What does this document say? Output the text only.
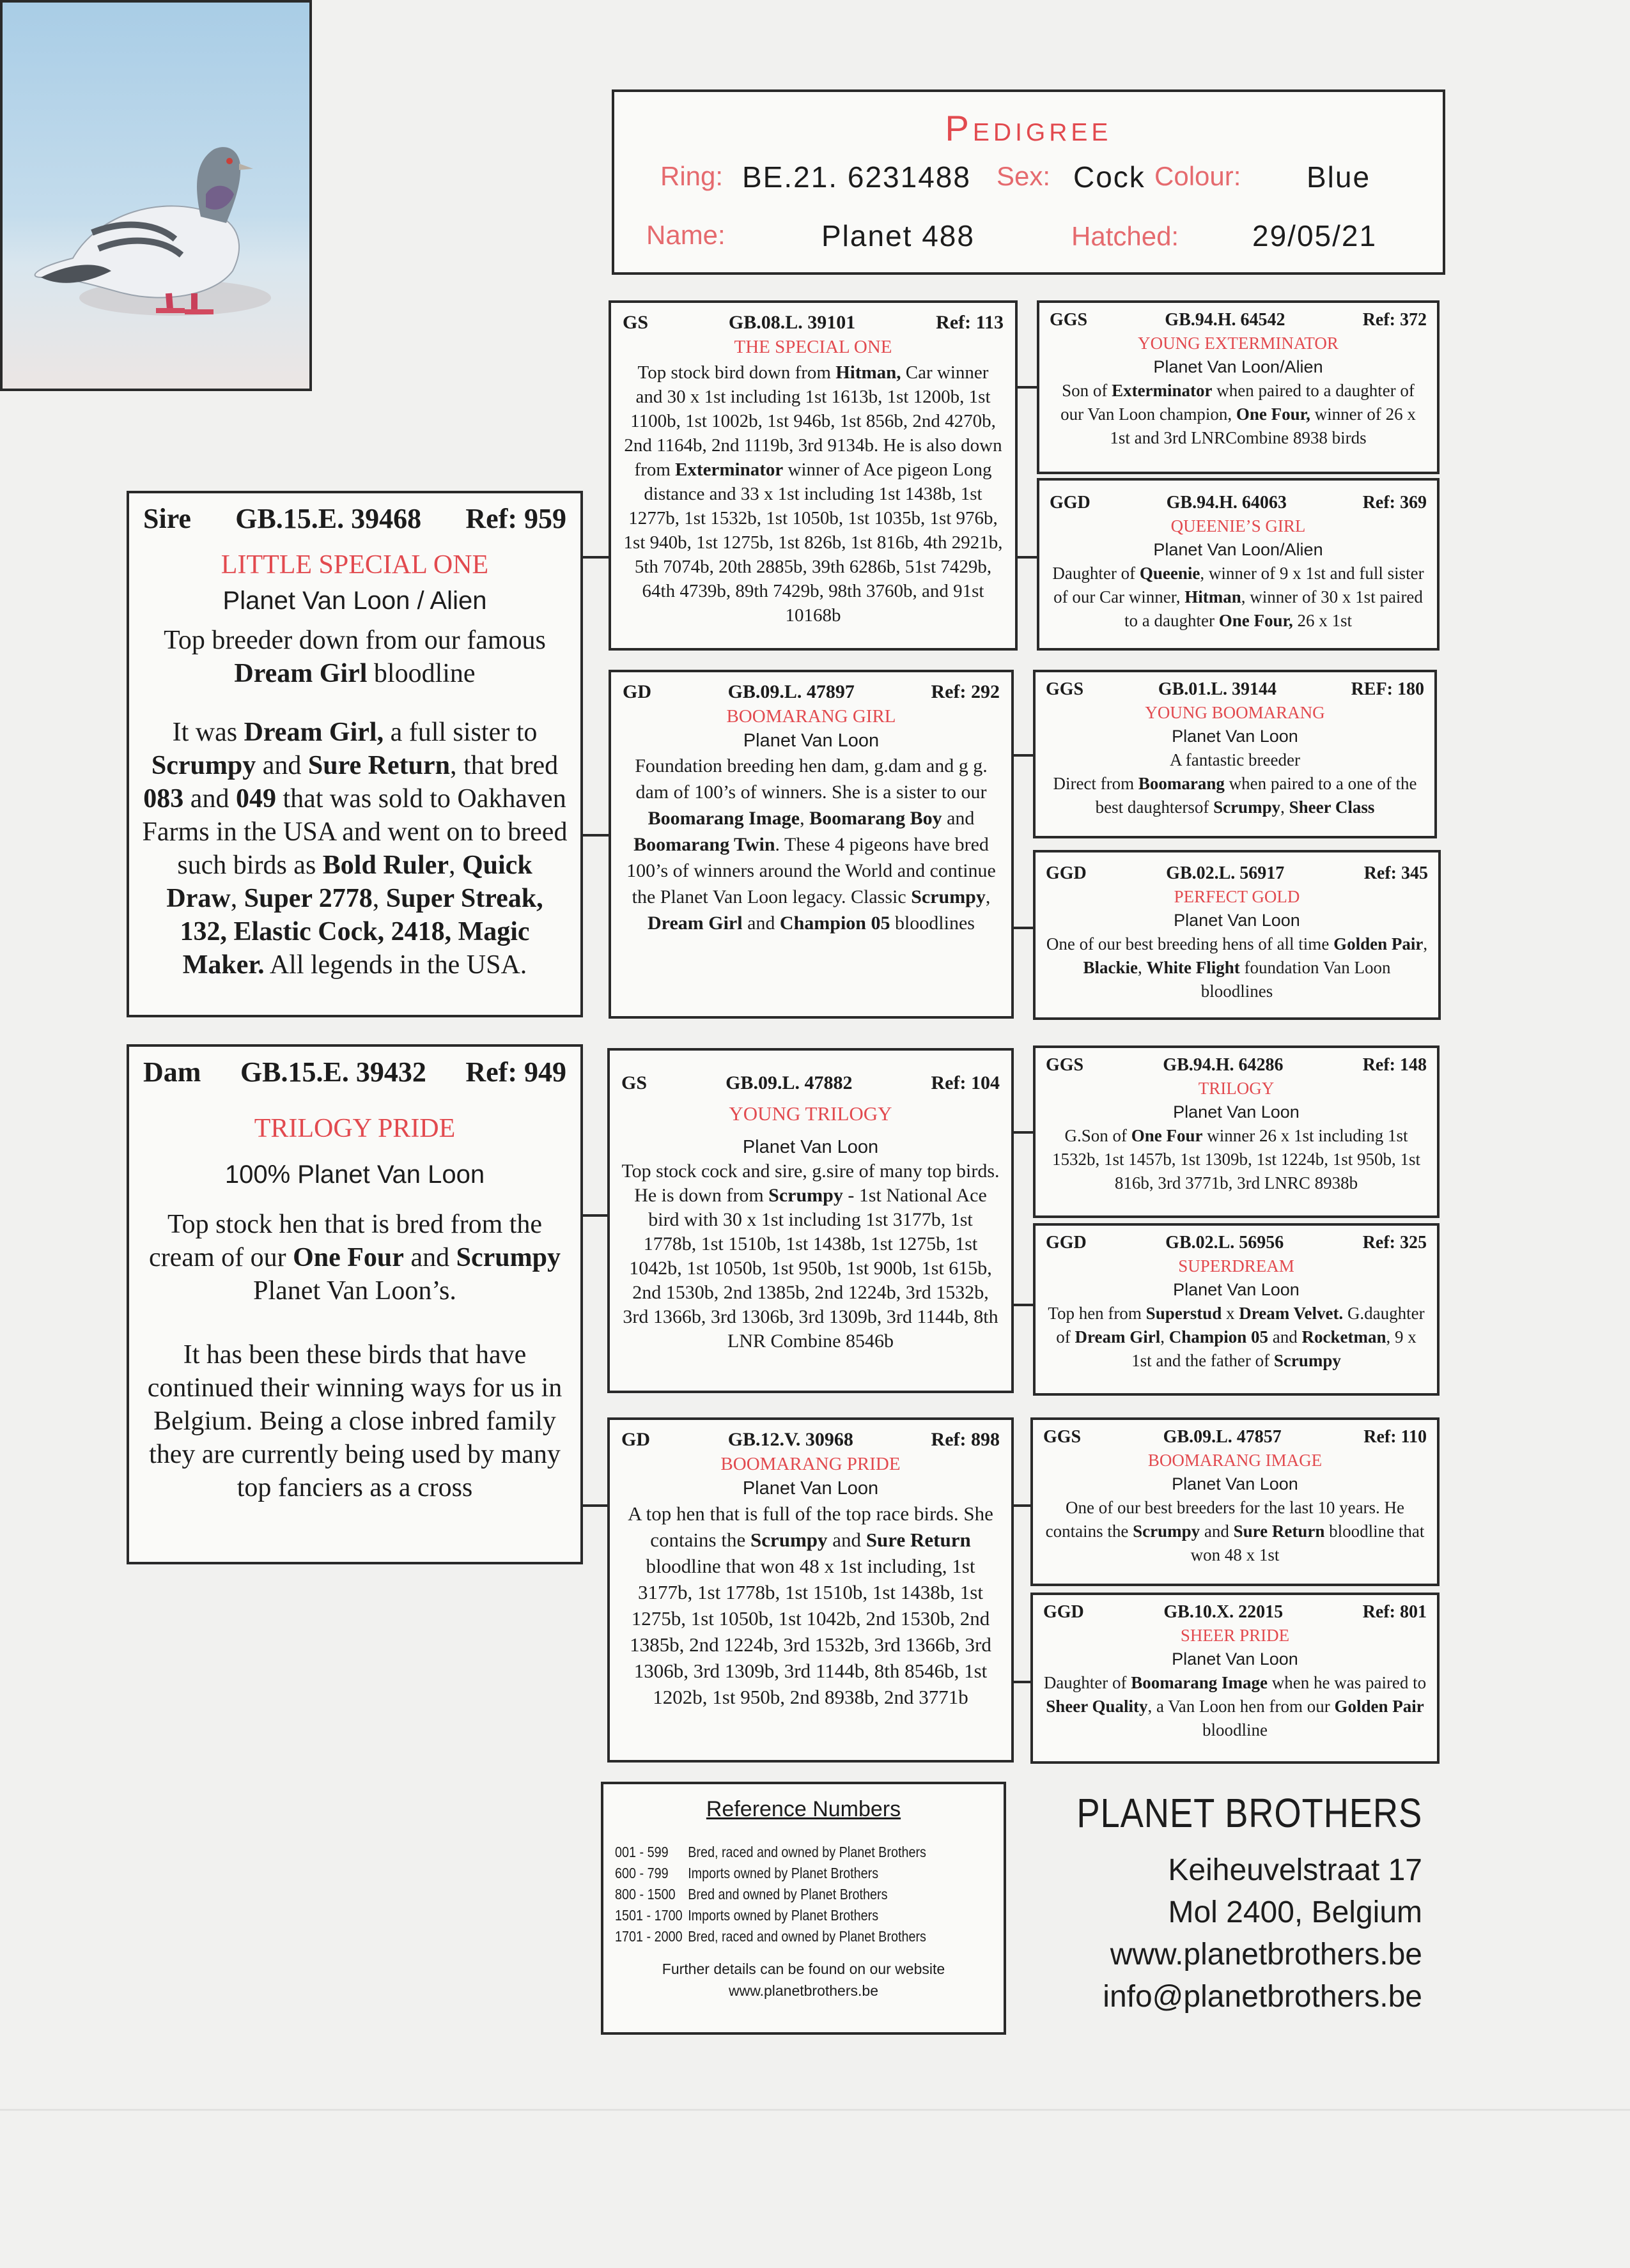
Pedigree
Ring: BE.21. 6231488 Sex: Cock Colour: Blue
Name:	Planet 488	Hatched: 29/05/21
Sire GB.15.E. 39468 Ref: 959

LITTLE SPECIAL ONE

Planet Van Loon / Alien

Top breeder down from our famous Dream Girl bloodline

It was Dream Girl, a full sister to Scrumpy and Sure Return, that bred 083 and 049 that was sold to Oakhaven Farms in the USA and went on to breed such birds as Bold Ruler, Quick Draw, Super 2778, Super Streak, 132, Elastic Cock, 2418, Magic Maker. All legends in the USA.

Dam GB.15.E. 39432 Ref: 949

TRILOGY PRIDE

100% Planet Van Loon

Top stock hen that is bred from the cream of our One Four and Scrumpy Planet Van Loon’s.

It has been these birds that have continued their winning ways for us in Belgium. Being a close inbred family they are currently being used by many top fanciers as a cross

GS	GB.08.L. 39101	Ref: 113

THE SPECIAL ONE

Top stock bird down from Hitman, Car winner and 30 x 1st including 1st 1613b, 1st 1200b, 1st 1100b, 1st 1002b, 1st 946b, 1st 856b, 2nd 4270b, 2nd 1164b, 2nd 1119b, 3rd 9134b. He is also down from Exterminator winner of Ace pigeon Long distance and 33 x 1st including 1st 1438b, 1st 1277b, 1st 1532b, 1st 1050b, 1st 1035b, 1st 976b, 1st 940b, 1st 1275b, 1st 826b, 1st 816b, 4th 2921b, 5th 7074b, 20th 2885b, 39th 6286b, 51st 7429b, 64th 4739b, 89th 7429b, 98th 3760b, and 91st 10168b

GD	GB.09.L. 47897	Ref: 292

BOOMARANG GIRL

Planet Van Loon

Foundation breeding hen dam, g.dam and g g. dam of 100’s of winners. She is a sister to our Boomarang Image, Boomarang Boy and Boomarang Twin. These 4 pigeons have bred 100’s of winners around the World and continue the Planet Van Loon legacy. Classic Scrumpy, Dream Girl and Champion 05 bloodlines

GS	GB.09.L. 47882	Ref: 104

YOUNG TRILOGY

Planet Van Loon

Top stock cock and sire, g.sire of many top birds. He is down from Scrumpy - 1st National Ace bird with 30 x 1st including 1st 3177b, 1st 1778b, 1st 1510b, 1st 1438b, 1st 1275b, 1st 1042b, 1st 1050b, 1st 950b, 1st 900b, 1st 615b, 2nd 1530b, 2nd 1385b, 2nd 1224b, 3rd 1532b, 3rd 1366b, 3rd 1306b, 3rd 1309b, 3rd 1144b, 8th LNR Combine 8546b

GD	GB.12.V. 30968	Ref: 898

BOOMARANG PRIDE

Planet Van Loon

A top hen that is full of the top race birds. She contains the Scrumpy and Sure Return bloodline that won 48 x 1st including, 1st 3177b, 1st 1778b, 1st 1510b, 1st 1438b, 1st 1275b, 1st 1050b, 1st 1042b, 2nd 1530b, 2nd 1385b, 2nd 1224b, 3rd 1532b, 3rd 1366b, 3rd 1306b, 3rd 1309b, 3rd 1144b, 8th 8546b, 1st 1202b, 1st 950b, 2nd 8938b, 2nd 3771b

GGS	GB.94.H. 64542	Ref: 372

YOUNG EXTERMINATOR

Planet Van Loon/Alien

Son of Exterminator when paired to a daughter of our Van Loon champion, One Four, winner of 26 x 1st and 3rd LNRCombine 8938 birds

GGD	GB.94.H. 64063	Ref: 369

QUEENIE’S GIRL

Planet Van Loon/Alien

Daughter of Queenie, winner of 9 x 1st and full sister of our Car winner, Hitman, winner of 30 x 1st paired to a daughter One Four, 26 x 1st

GGS	GB.01.L. 39144	REF: 180

YOUNG BOOMARANG

Planet Van Loon

A fantastic breeder
Direct from Boomarang when paired to a one of the best daughtersof Scrumpy, Sheer Class

GGD	GB.02.L. 56917	Ref: 345

PERFECT GOLD

Planet Van Loon

One of our best breeding hens of all time Golden Pair, Blackie, White Flight foundation Van Loon bloodlines

GGS	GB.94.H. 64286	Ref: 148

TRILOGY

Planet Van Loon

G.Son of One Four winner 26 x 1st including 1st 1532b, 1st 1457b, 1st 1309b, 1st 1224b, 1st 950b, 1st 816b, 3rd 3771b, 3rd LNRC 8938b

GGD	GB.02.L. 56956	Ref: 325

SUPERDREAM

Planet Van Loon

Top hen from Superstud x Dream Velvet. G.daughter of Dream Girl, Champion 05 and Rocketman, 9 x 1st and the father of Scrumpy

GGS	GB.09.L. 47857	Ref: 110

BOOMARANG IMAGE

Planet Van Loon

One of our best breeders for the last 10 years. He contains the Scrumpy and Sure Return bloodline that won 48 x 1st

GGD	GB.10.X. 22015	Ref: 801

SHEER PRIDE

Planet Van Loon

Daughter of Boomarang Image when he was paired to Sheer Quality, a Van Loon hen from our Golden Pair bloodline

Reference Numbers
001 - 599	Bred, raced and owned by Planet Brothers
600 - 799	Imports owned by Planet Brothers
800 - 1500	Bred and owned by Planet Brothers
1501 - 1700	Imports owned by Planet Brothers
1701 - 2000	Bred, raced and owned by Planet Brothers
Further details can be found on our website
www.planetbrothers.be
PLANET BROTHERS
Keiheuvelstraat 17
Mol 2400, Belgium
www.planetbrothers.be
info@planetbrothers.be
